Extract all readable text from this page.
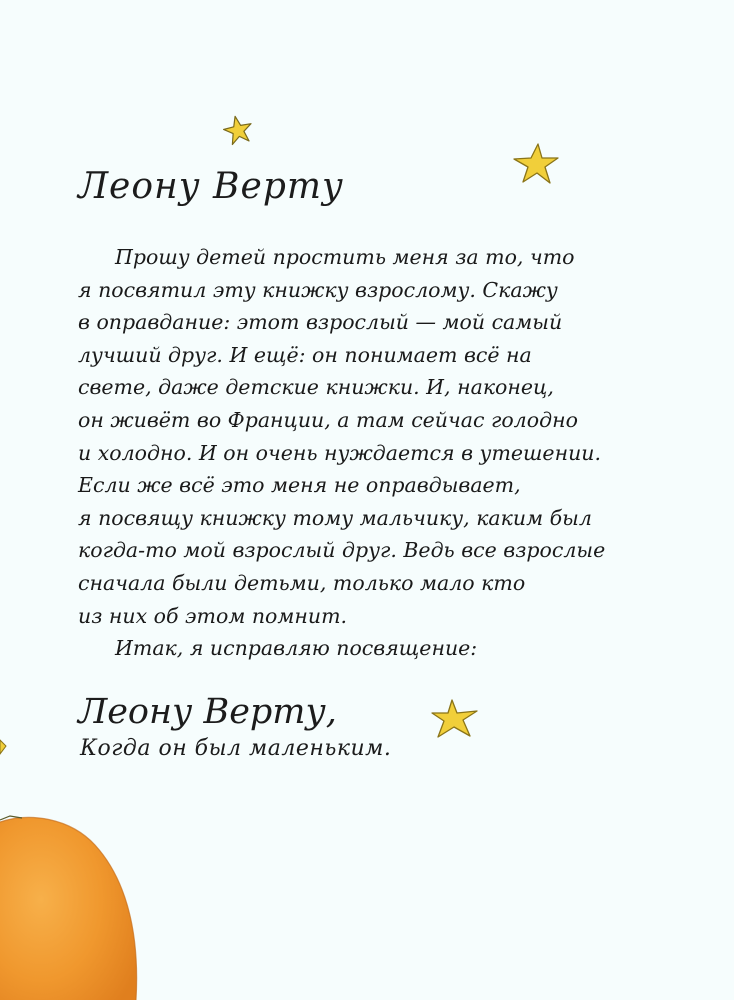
Леону Верту
Прошу детей простить меня за то, что
я посвятил эту книжку взрослому. Скажу
в оправдание: этот взрослый — мой самый
лучший друг. И ещё: он понимает всё на
свете, даже детские книжки. И, наконец,
он живёт во Франции, а там сейчас голодно
и холодно. И он очень нуждается в утешении.
Если же всё это меня не оправдывает,
я посвящу книжку тому мальчику, каким был
когда-то мой взрослый друг. Ведь все взрослые
сначала были детьми, только мало кто
из них об этом помнит.
Итак, я исправляю посвящение:
Леону Верту,
Когда он был маленьким.
